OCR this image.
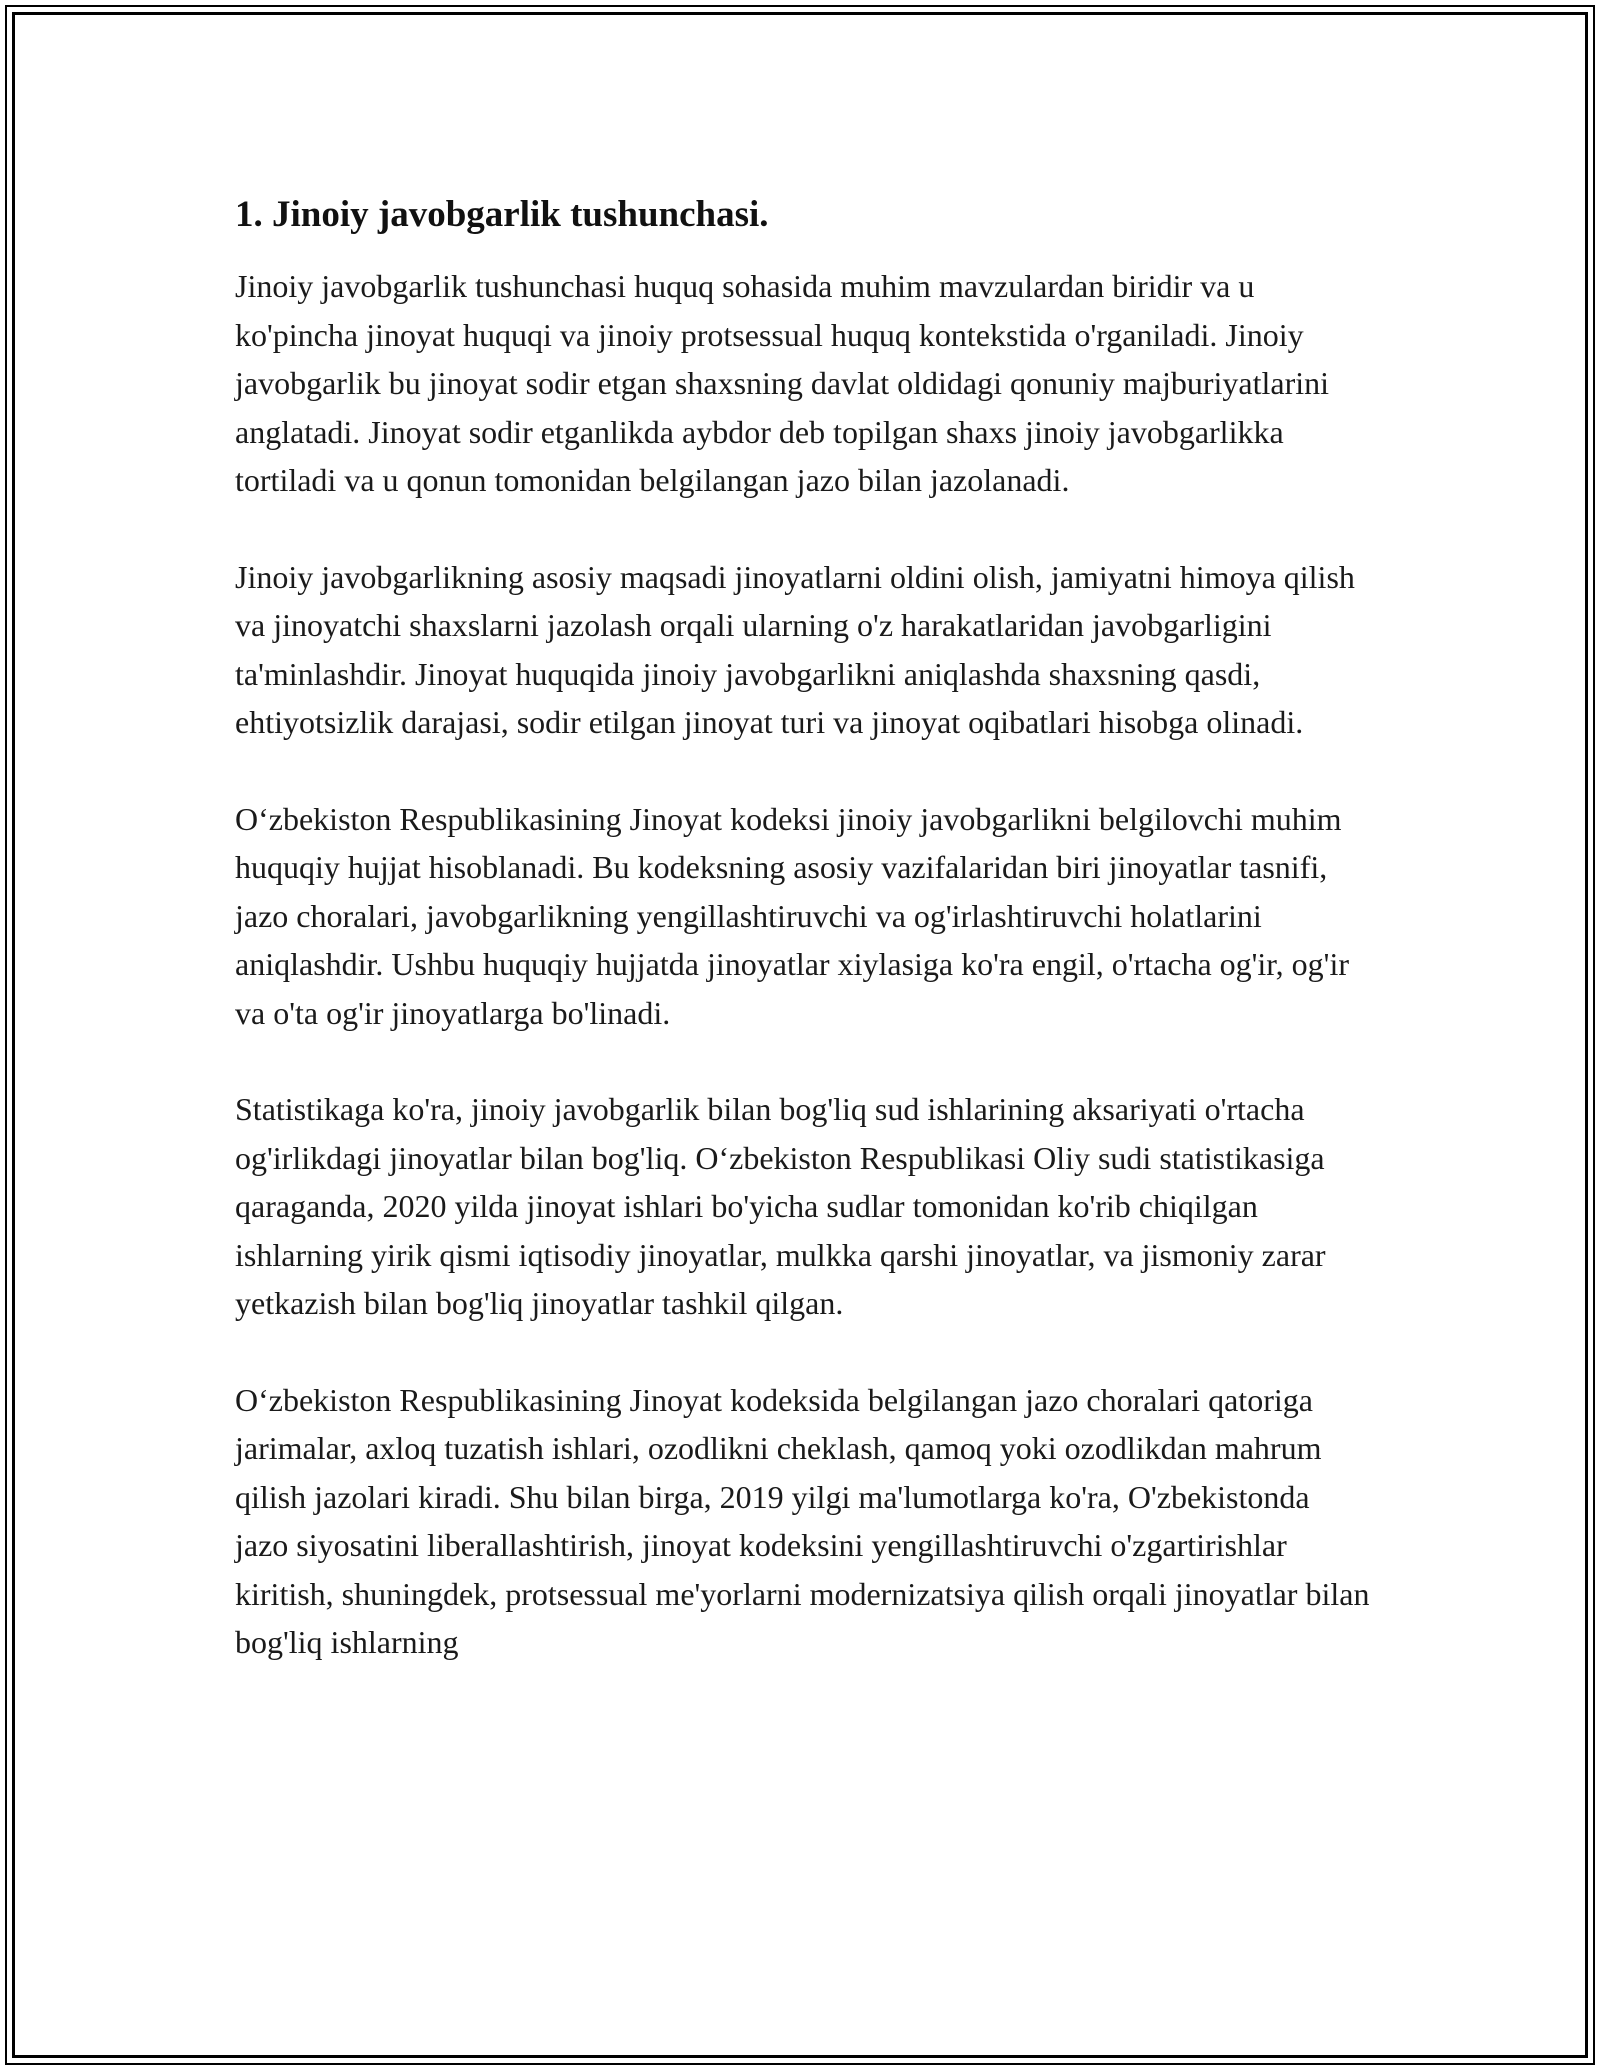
1. Jinoiy javobgarlik tushunchasi.

Jinoiy javobgarlik tushunchasi huquq sohasida muhim mavzulardan biridir va u ko'pincha jinoyat huquqi va jinoiy protsessual huquq kontekstida o'rganiladi. Jinoiy javobgarlik bu jinoyat sodir etgan shaxsning davlat oldidagi qonuniy majburiyatlarini anglatadi. Jinoyat sodir etganlikda aybdor deb topilgan shaxs jinoiy javobgarlikka tortiladi va u qonun tomonidan belgilangan jazo bilan jazolanadi.

Jinoiy javobgarlikning asosiy maqsadi jinoyatlarni oldini olish, jamiyatni himoya qilish va jinoyatchi shaxslarni jazolash orqali ularning o'z harakatlaridan javobgarligini ta'minlashdir. Jinoyat huquqida jinoiy javobgarlikni aniqlashda shaxsning qasdi, ehtiyotsizlik darajasi, sodir etilgan jinoyat turi va jinoyat oqibatlari hisobga olinadi.

O‘zbekiston Respublikasining Jinoyat kodeksi jinoiy javobgarlikni belgilovchi muhim huquqiy hujjat hisoblanadi. Bu kodeksning asosiy vazifalaridan biri jinoyatlar tasnifi, jazo choralari, javobgarlikning yengillashtiruvchi va og'irlashtiruvchi holatlarini aniqlashdir. Ushbu huquqiy hujjatda jinoyatlar xiylasiga ko'ra engil, o'rtacha og'ir, og'ir va o'ta og'ir jinoyatlarga bo'linadi.

Statistikaga ko'ra, jinoiy javobgarlik bilan bog'liq sud ishlarining aksariyati o'rtacha og'irlikdagi jinoyatlar bilan bog'liq. O‘zbekiston Respublikasi Oliy sudi statistikasiga qaraganda, 2020 yilda jinoyat ishlari bo'yicha sudlar tomonidan ko'rib chiqilgan ishlarning yirik qismi iqtisodiy jinoyatlar, mulkka qarshi jinoyatlar, va jismoniy zarar yetkazish bilan bog'liq jinoyatlar tashkil qilgan.

O‘zbekiston Respublikasining Jinoyat kodeksida belgilangan jazo choralari qatoriga jarimalar, axloq tuzatish ishlari, ozodlikni cheklash, qamoq yoki ozodlikdan mahrum qilish jazolari kiradi. Shu bilan birga, 2019 yilgi ma'lumotlarga ko'ra, O'zbekistonda jazo siyosatini liberallashtirish, jinoyat kodeksini yengillashtiruvchi o'zgartirishlar kiritish, shuningdek, protsessual me'yorlarni modernizatsiya qilish orqali jinoyatlar bilan bog'liq ishlarning
